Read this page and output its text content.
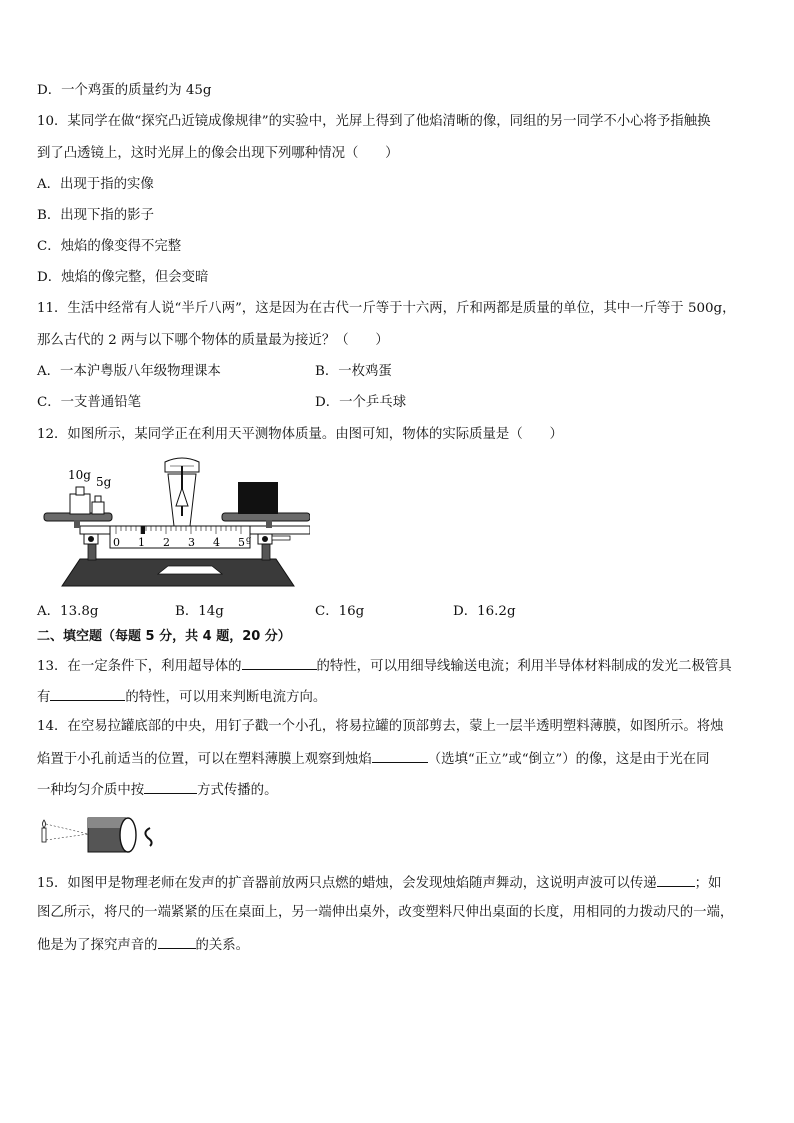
D．一个鸡蛋的质量约为 45g
10．某同学在做“探究凸近镜成像规律”的实验中，光屏上得到了他焰清晰的像，同组的另一同学不小心将予指触换
到了凸透镜上，这时光屏上的像会出现下列哪种情况（　　）
A．出现于指的实像
B．出现下指的影子
C．烛焰的像变得不完整
D．烛焰的像完整，但会变暗
11．生活中经常有人说“半斤八两”，这是因为在古代一斤等于十六两，斤和两都是质量的单位，其中一斤等于 500g，
那么古代的 2 两与以下哪个物体的质量最为接近？（　　）
A．一本沪粤版八年级物理课本	B．一枚鸡蛋
C．一支普通铅笔	D．一个乒乓球
12．如图所示，某同学正在利用天平测物体质量。由图可知，物体的实际质量是（　　）
10g 5g
0 1 2 3 4 5 g
A．13.8g	B．14g	C．16g	D．16.2g
二、填空题（每题 5 分，共 4 题，20 分）
13．在一定条件下，利用超导体的	的特性，可以用细导线输送电流；利用半导体材料制成的发光二极管具
有	的特性，可以用来判断电流方向。
14．在空易拉罐底部的中央，用钉子戳一个小孔，将易拉罐的顶部剪去，蒙上一层半透明塑料薄膜，如图所示。将烛
焰置于小孔前适当的位置，可以在塑料薄膜上观察到烛焰	（选填“正立”或“倒立”）的像，这是由于光在同
一种均匀介质中按	方式传播的。
15．如图甲是物理老师在发声的扩音器前放两只点燃的蜡烛，会发现烛焰随声舞动，这说明声波可以传递	；如
图乙所示，将尺的一端紧紧的压在桌面上，另一端伸出桌外，改变塑料尺伸出桌面的长度，用相同的力拨动尺的一端，
他是为了探究声音的	的关系。
